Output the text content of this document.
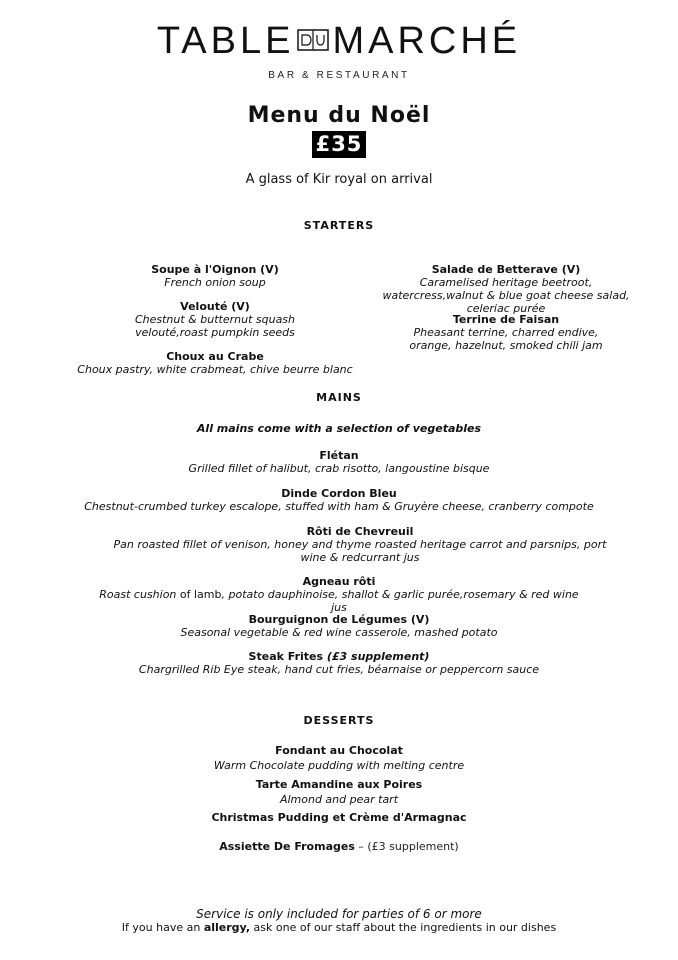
TABLE MARCHÉ
BAR & RESTAURANT
Menu du Noël
£35
A glass of Kir royal on arrival
STARTERS
Soupe à l'Oignon (V)
French onion soup
Velouté (V)
Chestnut & butternut squash velouté,roast pumpkin seeds
Choux au Crabe
Choux pastry, white crabmeat, chive beurre blanc
Salade de Betterave (V)
Caramelised heritage beetroot, watercress,walnut & blue goat cheese salad, celeriac purée
Terrine de Faisan
Pheasant terrine, charred endive, orange, hazelnut, smoked chili jam
MAINS
All mains come with a selection of vegetables
Flétan
Grilled fillet of halibut, crab risotto, langoustine bisque
Dinde Cordon Bleu
Chestnut-crumbed turkey escalope, stuffed with ham & Gruyère cheese, cranberry compote
Rôti de Chevreuil
Pan roasted fillet of venison, honey and thyme roasted heritage carrot and parsnips, port wine & redcurrant jus
Agneau rôti
Roast cushion of lamb, potato dauphinoise, shallot & garlic purée,rosemary & red wine jus
Bourguignon de Légumes (V)
Seasonal vegetable & red wine casserole, mashed potato
Steak Frites (£3 supplement)
Chargrilled Rib Eye steak, hand cut fries, béarnaise or peppercorn sauce
DESSERTS
Fondant au Chocolat
Warm Chocolate pudding with melting centre
Tarte Amandine aux Poires
Almond and pear tart
Christmas Pudding et Crème d'Armagnac
Assiette De Fromages – (£3 supplement)
Service is only included for parties of 6 or more
If you have an allergy, ask one of our staff about the ingredients in our dishes
